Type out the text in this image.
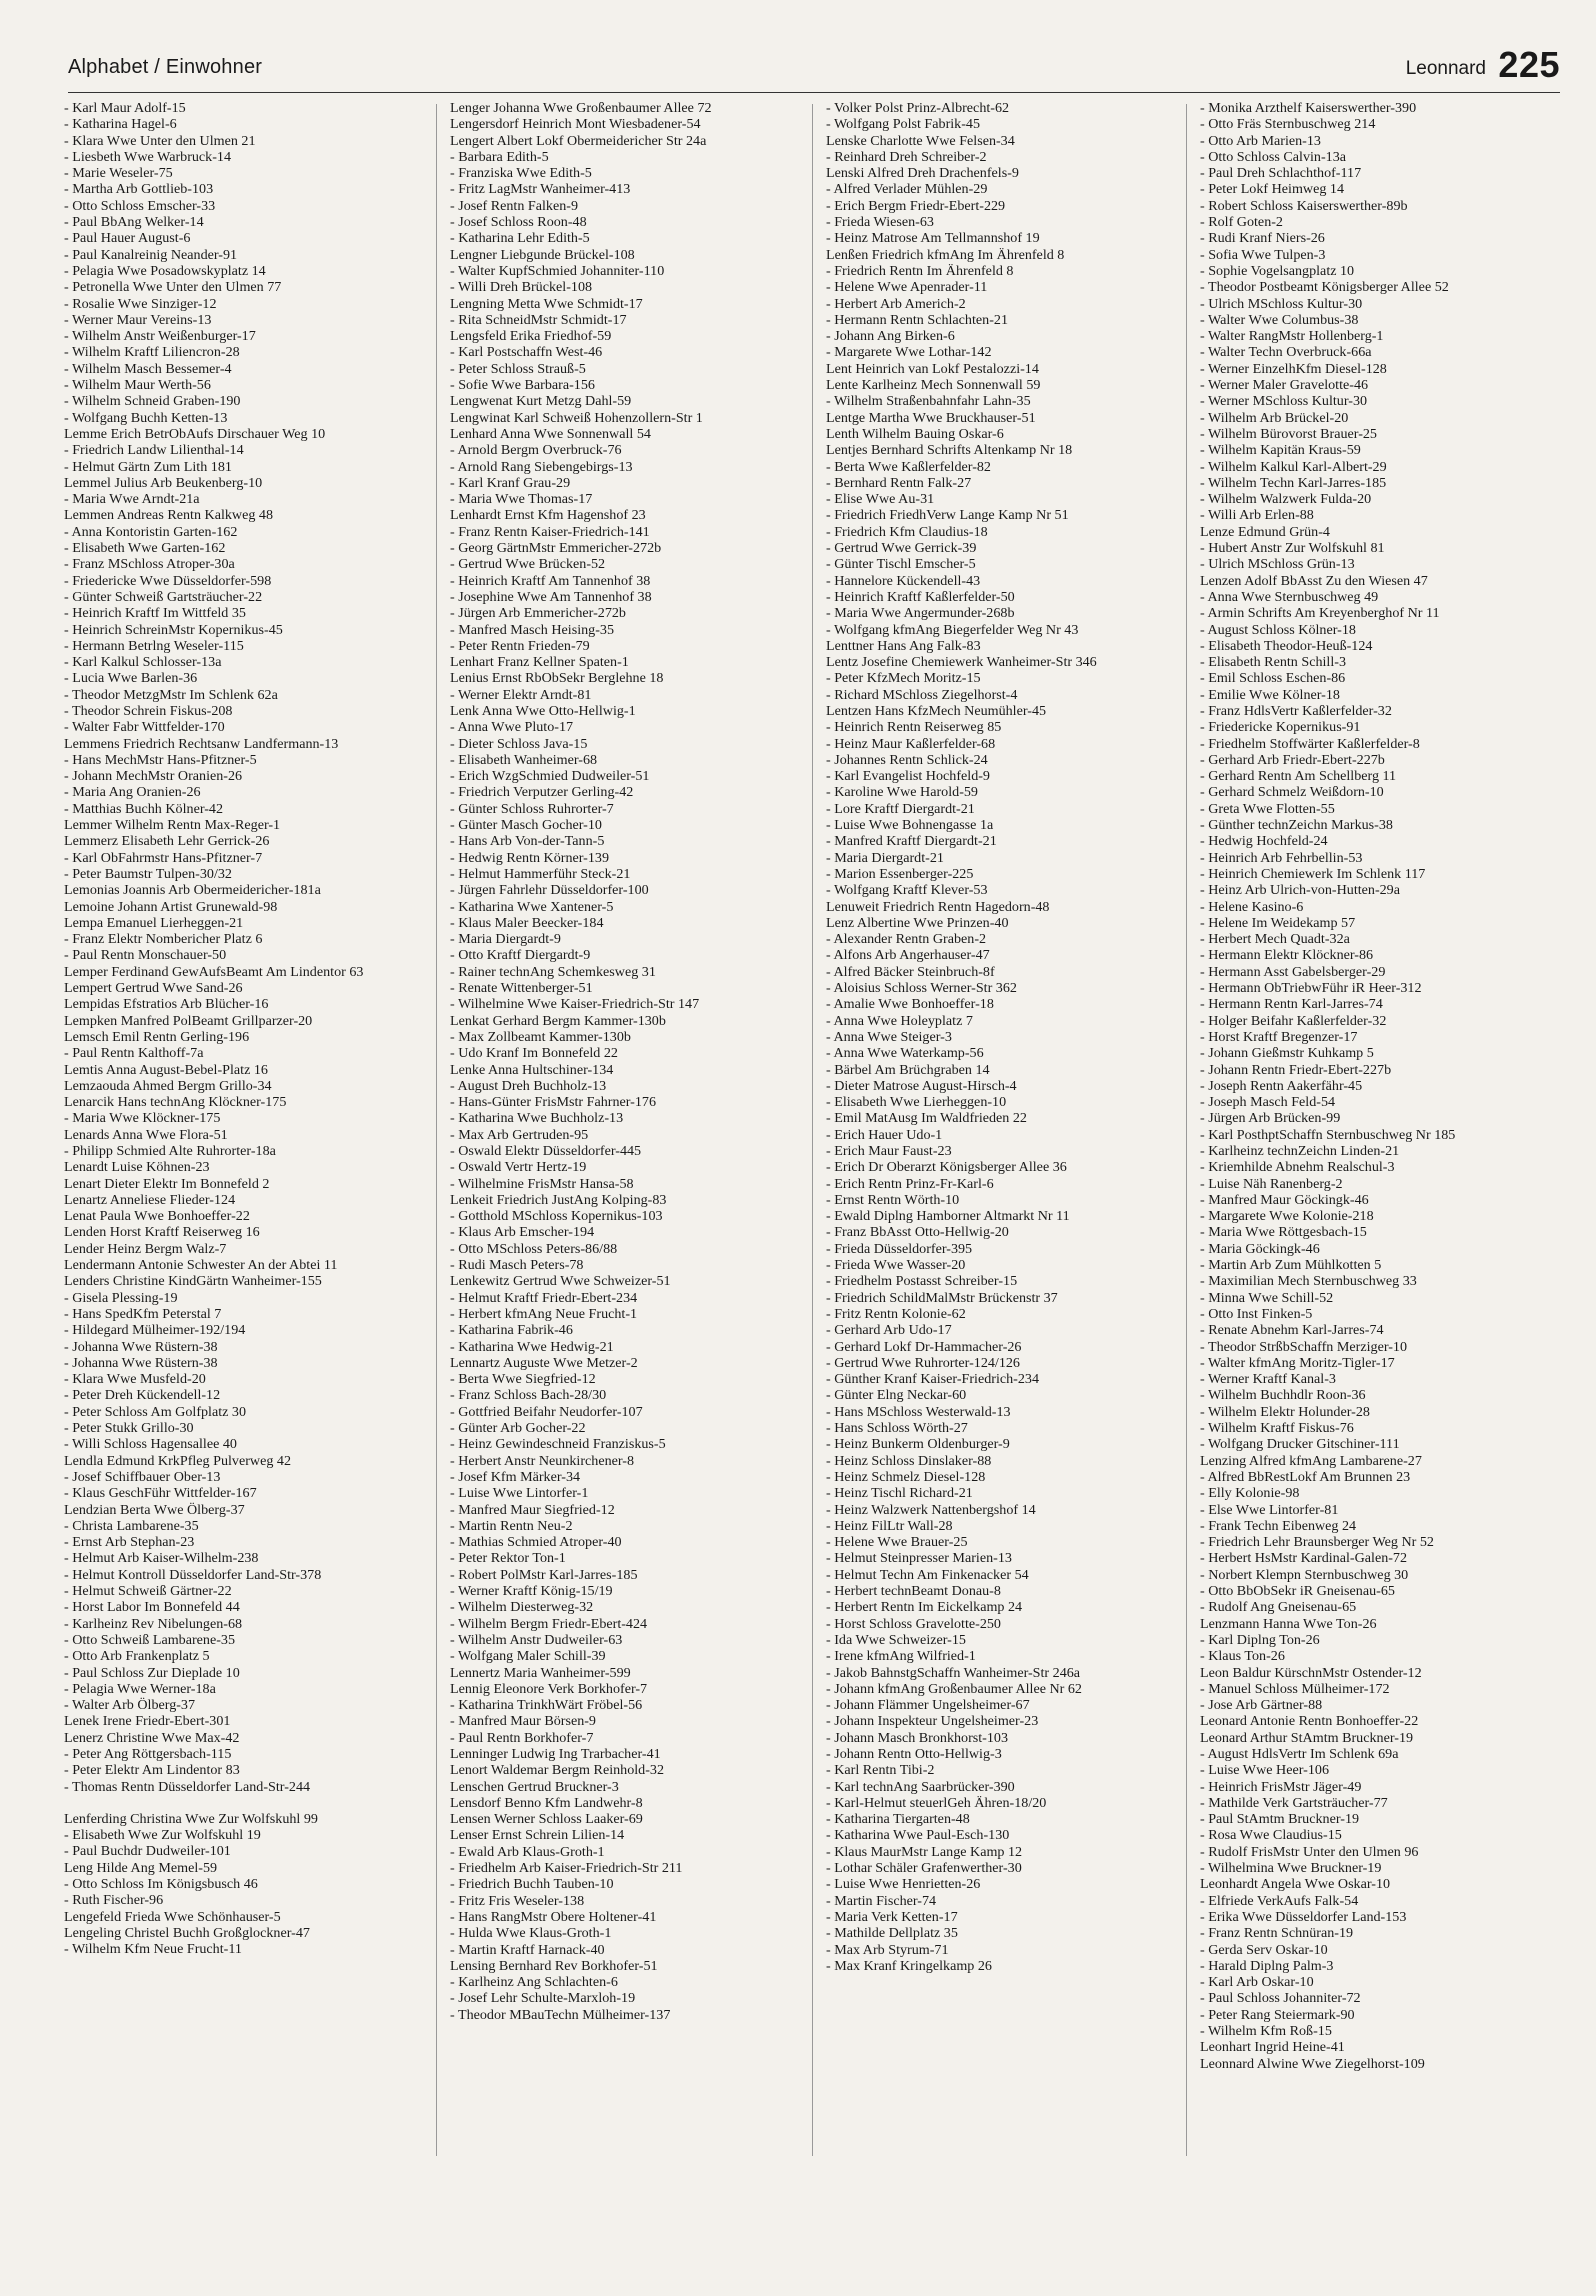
Alphabet / Einwohner	Leonnard 225
- Karl Maur Adolf-15
- Katharina Hagel-6
- Klara Wwe Unter den Ulmen 21
- Liesbeth Wwe Warbruck-14
- Marie Weseler-75
- Martha Arb Gottlieb-103
- Otto Schloss Emscher-33
- Paul BbAng Welker-14
- Paul Hauer August-6
- Paul Kanalreinig Neander-91
- Pelagia Wwe Posadowskyplatz 14
- Petronella Wwe Unter den Ulmen 77
- Rosalie Wwe Sinziger-12
- Werner Maur Vereins-13
- Wilhelm Anstr Weißenburger-17
- Wilhelm Kraftf Liliencron-28
- Wilhelm Masch Bessemer-4
- Wilhelm Maur Werth-56
- Wilhelm Schneid Graben-190
- Wolfgang Buchh Ketten-13
Lemme Erich BetrObAufs Dirschauer Weg 10
- Friedrich Landw Lilienthal-14
- Helmut Gärtn Zum Lith 181
Lemmel Julius Arb Beukenberg-10
- Maria Wwe Arndt-21a
Lemmen Andreas Rentn Kalkweg 48
- Anna Kontoristin Garten-162
- Elisabeth Wwe Garten-162
- Franz MSchloss Atroper-30a
- Friedericke Wwe Düsseldorfer-598
- Günter Schweiß Gartsträucher-22
- Heinrich Kraftf Im Wittfeld 35
- Heinrich SchreinMstr Kopernikus-45
- Hermann Betrlng Weseler-115
- Karl Kalkul Schlosser-13a
- Lucia Wwe Barlen-36
- Theodor MetzgMstr Im Schlenk 62a
- Theodor Schrein Fiskus-208
- Walter Fabr Wittfelder-170
Lemmens Friedrich Rechtsanw Landfermann-13
- Hans MechMstr Hans-Pfitzner-5
- Johann MechMstr Oranien-26
- Maria Ang Oranien-26
- Matthias Buchh Kölner-42
Lemmer Wilhelm Rentn Max-Reger-1
Lemmerz Elisabeth Lehr Gerrick-26
- Karl ObFahrmstr Hans-Pfitzner-7
- Peter Baumstr Tulpen-30/32
Lemonias Joannis Arb Obermeidericher-181a
Lemoine Johann Artist Grunewald-98
Lempa Emanuel Lierheggen-21
- Franz Elektr Nombericher Platz 6
- Paul Rentn Monschauer-50
Lemper Ferdinand GewAufsBeamt Am Lindentor 63
Lempert Gertrud Wwe Sand-26
Lempidas Efstratios Arb Blücher-16
Lempken Manfred PolBeamt Grillparzer-20
Lemsch Emil Rentn Gerling-196
- Paul Rentn Kalthoff-7a
Lemtis Anna August-Bebel-Platz 16
Lemzaouda Ahmed Bergm Grillo-34
Lenarcik Hans technAng Klöckner-175
- Maria Wwe Klöckner-175
Lenards Anna Wwe Flora-51
- Philipp Schmied Alte Ruhrorter-18a
Lenardt Luise Köhnen-23
Lenart Dieter Elektr Im Bonnefeld 2
Lenartz Anneliese Flieder-124
Lenat Paula Wwe Bonhoeffer-22
Lenden Horst Kraftf Reiserweg 16
Lender Heinz Bergm Walz-7
Lendermann Antonie Schwester An der Abtei 11
Lenders Christine KindGärtn Wanheimer-155
- Gisela Plessing-19
- Hans SpedKfm Peterstal 7
- Hildegard Mülheimer-192/194
- Johanna Wwe Rüstern-38
- Johanna Wwe Rüstern-38
- Klara Wwe Musfeld-20
- Peter Dreh Kückendell-12
- Peter Schloss Am Golfplatz 30
- Peter Stukk Grillo-30
- Willi Schloss Hagensallee 40
Lendla Edmund KrkPfleg Pulverweg 42
- Josef Schiffbauer Ober-13
- Klaus GeschFühr Wittfelder-167
Lendzian Berta Wwe Ölberg-37
- Christa Lambarene-35
- Ernst Arb Stephan-23
- Helmut Arb Kaiser-Wilhelm-238
- Helmut Kontroll Düsseldorfer Land-Str-378
- Helmut Schweiß Gärtner-22
- Horst Labor Im Bonnefeld 44
- Karlheinz Rev Nibelungen-68
- Otto Schweiß Lambarene-35
- Otto Arb Frankenplatz 5
- Paul Schloss Zur Dieplade 10
- Pelagia Wwe Werner-18a
- Walter Arb Ölberg-37
Lenek Irene Friedr-Ebert-301
Lenerz Christine Wwe Max-42
- Peter Ang Röttgersbach-115
- Peter Elektr Am Lindentor 83
- Thomas Rentn Düsseldorfer Land-Str-244
Lenferding Christina Wwe Zur Wolfskuhl 99
- Elisabeth Wwe Zur Wolfskuhl 19
- Paul Buchdr Dudweiler-101
Leng Hilde Ang Memel-59
- Otto Schloss Im Königsbusch 46
- Ruth Fischer-96
Lengefeld Frieda Wwe Schönhauser-5
Lengeling Christel Buchh Großglockner-47
- Wilhelm Kfm Neue Frucht-11
Lenger Johanna Wwe Großenbaumer Allee 72
Lengersdorf Heinrich Mont Wiesbadener-54
Lengert Albert Lokf Obermeidericher Str 24a
- Barbara Edith-5
- Franziska Wwe Edith-5
- Fritz LagMstr Wanheimer-413
- Josef Rentn Falken-9
- Josef Schloss Roon-48
- Katharina Lehr Edith-5
Lengner Liebgunde Brückel-108
- Walter KupfSchmied Johanniter-110
- Willi Dreh Brückel-108
Lengning Metta Wwe Schmidt-17
- Rita SchneidMstr Schmidt-17
Lengsfeld Erika Friedhof-59
- Karl Postschaffn West-46
- Peter Schloss Strauß-5
- Sofie Wwe Barbara-156
Lengwenat Kurt Metzg Dahl-59
Lengwinat Karl Schweiß Hohenzollern-Str 1
Lenhard Anna Wwe Sonnenwall 54
- Arnold Bergm Overbruck-76
- Arnold Rang Siebengebirgs-13
- Karl Kranf Grau-29
- Maria Wwe Thomas-17
Lenhardt Ernst Kfm Hagenshof 23
- Franz Rentn Kaiser-Friedrich-141
- Georg GärtnMstr Emmericher-272b
- Gertrud Wwe Brücken-52
- Heinrich Kraftf Am Tannenhof 38
- Josephine Wwe Am Tannenhof 38
- Jürgen Arb Emmericher-272b
- Manfred Masch Heising-35
- Peter Rentn Frieden-79
Lenhart Franz Kellner Spaten-1
Lenius Ernst RbObSekr Berglehne 18
- Werner Elektr Arndt-81
Lenk Anna Wwe Otto-Hellwig-1
- Anna Wwe Pluto-17
- Dieter Schloss Java-15
- Elisabeth Wanheimer-68
- Erich WzgSchmied Dudweiler-51
- Friedrich Verputzer Gerling-42
- Günter Schloss Ruhrorter-7
- Günter Masch Gocher-10
- Hans Arb Von-der-Tann-5
- Hedwig Rentn Körner-139
- Helmut Hammerführ Steck-21
- Jürgen Fahrlehr Düsseldorfer-100
- Katharina Wwe Xantener-5
- Klaus Maler Beecker-184
- Maria Diergardt-9
- Otto Kraftf Diergardt-9
- Rainer technAng Schemkesweg 31
- Renate Wittenberger-51
- Wilhelmine Wwe Kaiser-Friedrich-Str 147
Lenkat Gerhard Bergm Kammer-130b
- Max Zollbeamt Kammer-130b
- Udo Kranf Im Bonnefeld 22
Lenke Anna Hultschiner-134
- August Dreh Buchholz-13
- Hans-Günter FrisMstr Fahrner-176
- Katharina Wwe Buchholz-13
- Max Arb Gertruden-95
- Oswald Elektr Düsseldorfer-445
- Oswald Vertr Hertz-19
- Wilhelmine FrisMstr Hansa-58
Lenkeit Friedrich JustAng Kolping-83
- Gotthold MSchloss Kopernikus-103
- Klaus Arb Emscher-194
- Otto MSchloss Peters-86/88
- Rudi Masch Peters-78
Lenkewitz Gertrud Wwe Schweizer-51
- Helmut Kraftf Friedr-Ebert-234
- Herbert kfmAng Neue Frucht-1
- Katharina Fabrik-46
- Katharina Wwe Hedwig-21
Lennartz Auguste Wwe Metzer-2
- Berta Wwe Siegfried-12
- Franz Schloss Bach-28/30
- Gottfried Beifahr Neudorfer-107
- Günter Arb Gocher-22
- Heinz Gewindeschneid Franziskus-5
- Herbert Anstr Neunkirchener-8
- Josef Kfm Märker-34
- Luise Wwe Lintorfer-1
- Manfred Maur Siegfried-12
- Martin Rentn Neu-2
- Mathias Schmied Atroper-40
- Peter Rektor Ton-1
- Robert PolMstr Karl-Jarres-185
- Werner Kraftf König-15/19
- Wilhelm Diesterweg-32
- Wilhelm Bergm Friedr-Ebert-424
- Wilhelm Anstr Dudweiler-63
- Wolfgang Maler Schill-39
Lennertz Maria Wanheimer-599
Lennig Eleonore Verk Borkhofer-7
- Katharina TrinkhWärt Fröbel-56
- Manfred Maur Börsen-9
- Paul Rentn Borkhofer-7
Lenninger Ludwig Ing Trarbacher-41
Lenort Waldemar Bergm Reinhold-32
Lenschen Gertrud Bruckner-3
Lensdorf Benno Kfm Landwehr-8
Lensen Werner Schloss Laaker-69
Lenser Ernst Schrein Lilien-14
- Ewald Arb Klaus-Groth-1
- Friedhelm Arb Kaiser-Friedrich-Str 211
- Friedrich Buchh Tauben-10
- Fritz Fris Weseler-138
- Hans RangMstr Obere Holtener-41
- Hulda Wwe Klaus-Groth-1
- Martin Kraftf Harnack-40
Lensing Bernhard Rev Borkhofer-51
- Karlheinz Ang Schlachten-6
- Josef Lehr Schulte-Marxloh-19
- Theodor MBauTechn Mülheimer-137
- Volker Polst Prinz-Albrecht-62
- Wolfgang Polst Fabrik-45
Lenske Charlotte Wwe Felsen-34
- Reinhard Dreh Schreiber-2
Lenski Alfred Dreh Drachenfels-9
- Alfred Verlader Mühlen-29
- Erich Bergm Friedr-Ebert-229
- Frieda Wiesen-63
- Heinz Matrose Am Tellmannshof 19
Lenßen Friedrich kfmAng Im Ährenfeld 8
- Friedrich Rentn Im Ährenfeld 8
- Helene Wwe Apenrader-11
- Herbert Arb Americh-2
- Hermann Rentn Schlachten-21
- Johann Ang Birken-6
- Margarete Wwe Lothar-142
Lent Heinrich van Lokf Pestalozzi-14
Lente Karlheinz Mech Sonnenwall 59
- Wilhelm Straßenbahnfahr Lahn-35
Lentge Martha Wwe Bruckhauser-51
Lenth Wilhelm Bauing Oskar-6
Lentjes Bernhard Schrifts Altenkamp Nr 18
- Berta Wwe Kaßlerfelder-82
- Bernhard Rentn Falk-27
- Elise Wwe Au-31
- Friedrich FriedhVerw Lange Kamp Nr 51
- Friedrich Kfm Claudius-18
- Gertrud Wwe Gerrick-39
- Günter Tischl Emscher-5
- Hannelore Kückendell-43
- Heinrich Kraftf Kaßlerfelder-50
- Maria Wwe Angermunder-268b
- Wolfgang kfmAng Biegerfelder Weg Nr 43
Lenttner Hans Ang Falk-83
Lentz Josefine Chemiewerk Wanheimer-Str 346
- Peter KfzMech Moritz-15
- Richard MSchloss Ziegelhorst-4
Lentzen Hans KfzMech Neumühler-45
- Heinrich Rentn Reiserweg 85
- Heinz Maur Kaßlerfelder-68
- Johannes Rentn Schlick-24
- Karl Evangelist Hochfeld-9
- Karoline Wwe Harold-59
- Lore Kraftf Diergardt-21
- Luise Wwe Bohnengasse 1a
- Manfred Kraftf Diergardt-21
- Maria Diergardt-21
- Marion Essenberger-225
- Wolfgang Kraftf Klever-53
Lenuweit Friedrich Rentn Hagedorn-48
Lenz Albertine Wwe Prinzen-40
- Alexander Rentn Graben-2
- Alfons Arb Angerhauser-47
- Alfred Bäcker Steinbruch-8f
- Aloisius Schloss Werner-Str 362
- Amalie Wwe Bonhoeffer-18
- Anna Wwe Holeyplatz 7
- Anna Wwe Steiger-3
- Anna Wwe Waterkamp-56
- Bärbel Am Brüchgraben 14
- Dieter Matrose August-Hirsch-4
- Elisabeth Wwe Lierheggen-10
- Emil MatAusg Im Waldfrieden 22
- Erich Hauer Udo-1
- Erich Maur Faust-23
- Erich Dr Oberarzt Königsberger Allee 36
- Erich Rentn Prinz-Fr-Karl-6
- Ernst Rentn Wörth-10
- Ewald Diplng Hamborner Altmarkt Nr 11
- Franz BbAsst Otto-Hellwig-20
- Frieda Düsseldorfer-395
- Frieda Wwe Wasser-20
- Friedhelm Postasst Schreiber-15
- Friedrich SchildMalMstr Brückenstr 37
- Fritz Rentn Kolonie-62
- Gerhard Arb Udo-17
- Gerhard Lokf Dr-Hammacher-26
- Gertrud Wwe Ruhrorter-124/126
- Günther Kranf Kaiser-Friedrich-234
- Günter Elng Neckar-60
- Hans MSchloss Westerwald-13
- Hans Schloss Wörth-27
- Heinz Bunkerm Oldenburger-9
- Heinz Schloss Dinslaker-88
- Heinz Schmelz Diesel-128
- Heinz Tischl Richard-21
- Heinz Walzwerk Nattenbergshof 14
- Heinz FilLtr Wall-28
- Helene Wwe Brauer-25
- Helmut Steinpresser Marien-13
- Helmut Techn Am Finkenacker 54
- Herbert technBeamt Donau-8
- Herbert Rentn Im Eickelkamp 24
- Horst Schloss Gravelotte-250
- Ida Wwe Schweizer-15
- Irene kfmAng Wilfried-1
- Jakob BahnstgSchaffn Wanheimer-Str 246a
- Johann kfmAng Großenbaumer Allee Nr 62
- Johann Flämmer Ungelsheimer-67
- Johann Inspekteur Ungelsheimer-23
- Johann Masch Bronkhorst-103
- Johann Rentn Otto-Hellwig-3
- Karl Rentn Tibi-2
- Karl technAng Saarbrücker-390
- Karl-Helmut steuerlGeh Ähren-18/20
- Katharina Tiergarten-48
- Katharina Wwe Paul-Esch-130
- Klaus MaurMstr Lange Kamp 12
- Lothar Schäler Grafenwerther-30
- Luise Wwe Henrietten-26
- Martin Fischer-74
- Maria Verk Ketten-17
- Mathilde Dellplatz 35
- Max Arb Styrum-71
- Max Kranf Kringelkamp 26
- Monika Arzthelf Kaiserswerther-390
- Otto Fräs Sternbuschweg 214
- Otto Arb Marien-13
- Otto Schloss Calvin-13a
- Paul Dreh Schlachthof-117
- Peter Lokf Heimweg 14
- Robert Schloss Kaiserswerther-89b
- Rolf Goten-2
- Rudi Kranf Niers-26
- Sofia Wwe Tulpen-3
- Sophie Vogelsangplatz 10
- Theodor Postbeamt Königsberger Allee 52
- Ulrich MSchloss Kultur-30
- Walter Wwe Columbus-38
- Walter RangMstr Hollenberg-1
- Walter Techn Overbruck-66a
- Werner EinzelhKfm Diesel-128
- Werner Maler Gravelotte-46
- Werner MSchloss Kultur-30
- Wilhelm Arb Brückel-20
- Wilhelm Bürovorst Brauer-25
- Wilhelm Kapitän Kraus-59
- Wilhelm Kalkul Karl-Albert-29
- Wilhelm Techn Karl-Jarres-185
- Wilhelm Walzwerk Fulda-20
- Willi Arb Erlen-88
Lenze Edmund Grün-4
- Hubert Anstr Zur Wolfskuhl 81
- Ulrich MSchloss Grün-13
Lenzen Adolf BbAsst Zu den Wiesen 47
- Anna Wwe Sternbuschweg 49
- Armin Schrifts Am Kreyenberghof Nr 11
- August Schloss Kölner-18
- Elisabeth Theodor-Heuß-124
- Elisabeth Rentn Schill-3
- Emil Schloss Eschen-86
- Emilie Wwe Kölner-18
- Franz HdlsVertr Kaßlerfelder-32
- Friedericke Kopernikus-91
- Friedhelm Stoffwärter Kaßlerfelder-8
- Gerhard Arb Friedr-Ebert-227b
- Gerhard Rentn Am Schellberg 11
- Gerhard Schmelz Weißdorn-10
- Greta Wwe Flotten-55
- Günther technZeichn Markus-38
- Hedwig Hochfeld-24
- Heinrich Arb Fehrbellin-53
- Heinrich Chemiewerk Im Schlenk 117
- Heinz Arb Ulrich-von-Hutten-29a
- Helene Kasino-6
- Helene Im Weidekamp 57
- Herbert Mech Quadt-32a
- Hermann Elektr Klöckner-86
- Hermann Asst Gabelsberger-29
- Hermann ObTriebwFühr iR Heer-312
- Hermann Rentn Karl-Jarres-74
- Holger Beifahr Kaßlerfelder-32
- Horst Kraftf Bregenzer-17
- Johann Gießmstr Kuhkamp 5
- Johann Rentn Friedr-Ebert-227b
- Joseph Rentn Aakerfähr-45
- Joseph Masch Feld-54
- Jürgen Arb Brücken-99
- Karl PosthptSchaffn Sternbuschweg Nr 185
- Karlheinz technZeichn Linden-21
- Kriemhilde Abnehm Realschul-3
- Luise Näh Ranenberg-2
- Manfred Maur Göckingk-46
- Margarete Wwe Kolonie-218
- Maria Wwe Röttgesbach-15
- Maria Göckingk-46
- Martin Arb Zum Mühlkotten 5
- Maximilian Mech Sternbuschweg 33
- Minna Wwe Schill-52
- Otto Inst Finken-5
- Renate Abnehm Karl-Jarres-74
- Theodor StrßbSchaffn Merziger-10
- Walter kfmAng Moritz-Tigler-17
- Werner Kraftf Kanal-3
- Wilhelm Buchhdlr Roon-36
- Wilhelm Elektr Holunder-28
- Wilhelm Kraftf Fiskus-76
- Wolfgang Drucker Gitschiner-111
Lenzing Alfred kfmAng Lambarene-27
- Alfred BbRestLokf Am Brunnen 23
- Elly Kolonie-98
- Else Wwe Lintorfer-81
- Frank Techn Eibenweg 24
- Friedrich Lehr Braunsberger Weg Nr 52
- Herbert HsMstr Kardinal-Galen-72
- Norbert Klempn Sternbuschweg 30
- Otto BbObSekr iR Gneisenau-65
- Rudolf Ang Gneisenau-65
Lenzmann Hanna Wwe Ton-26
- Karl Diplng Ton-26
- Klaus Ton-26
Leon Baldur KürschnMstr Ostender-12
- Manuel Schloss Mülheimer-172
- Jose Arb Gärtner-88
Leonard Antonie Rentn Bonhoeffer-22
Leonard Arthur StAmtm Bruckner-19
- August HdlsVertr Im Schlenk 69a
- Luise Wwe Heer-106
- Heinrich FrisMstr Jäger-49
- Mathilde Verk Gartsträucher-77
- Paul StAmtm Bruckner-19
- Rosa Wwe Claudius-15
- Rudolf FrisMstr Unter den Ulmen 96
- Wilhelmina Wwe Bruckner-19
Leonhardt Angela Wwe Oskar-10
- Elfriede VerkAufs Falk-54
- Erika Wwe Düsseldorfer Land-153
- Franz Rentn Schnüran-19
- Gerda Serv Oskar-10
- Harald Diplng Palm-3
- Karl Arb Oskar-10
- Paul Schloss Johanniter-72
- Peter Rang Steiermark-90
- Wilhelm Kfm Roß-15
Leonhart Ingrid Heine-41
Leonnard Alwine Wwe Ziegelhorst-109
